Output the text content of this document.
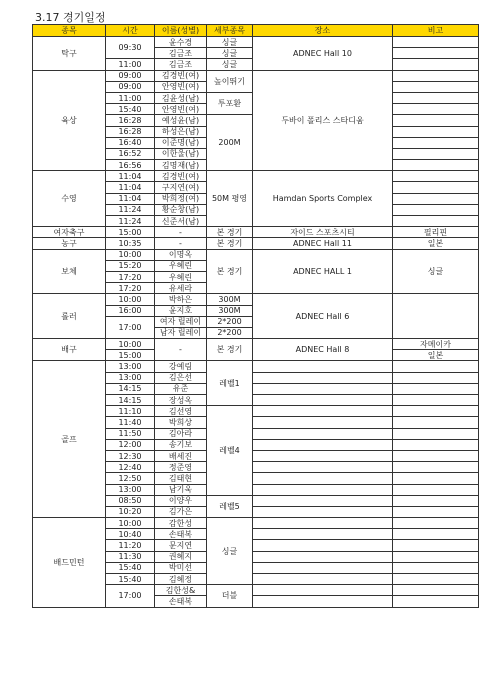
3.17 경기일정
종목	시간	이름(성별)	세부종목	장소	비고
탁구	09:30	윤수경	싱글	ADNEC Hall 10	
		김금조	싱글		
	11:00	김금조	싱글		
육상	09:00	김경빈(여)	높이뛰기	두바이 폴리스 스타디움	
	09:00	안영빈(여)			
	11:00	김윤성(남)	투포환		
	15:40	안영빈(여)			
	16:28	예성윤(남)	200M		
	16:28	하성은(남)			
	16:40	이준명(남)			
	16:52	이한울(남)			
	16:56	김명재(남)			
수영	11:04	김경빈(여)	50M 평영	Hamdan Sports Complex	
	11:04	구지연(여)			
	11:04	박희정(여)			
	11:24	황순창(남)			
	11:24	신준서(남)			
여자축구	15:00	-	본 경기	자이드 스포츠시티	필리핀
농구	10:35	-	본 경기	ADNEC Hall 11	일본
보체	10:00	이명옥	본 경기	ADNEC HALL 1	싱글
	15:20	우혜린			
	17:20	우혜린			
	17:20	유세라			
롤러	10:00	박하은	300M	ADNEC Hall 6	
	16:00	윤지호	300M		
	17:00	여자 릴레이	2*200		
		남자 릴레이	2*200		
배구	10:00	-	본 경기	ADNEC Hall 8	자메이카
	15:00				일본
골프	13:00	강예림	레벨1		
	13:00	김은선			
	14:15	유준			
	14:15	장성옥			
	11:10	김선영	레벨4		
	11:40	박희상			
	11:50	김아라			
	12:00	송기보			
	12:30	배세진			
	12:40	정준영			
	12:50	김태현			
	13:00	남기욱			
	08:50	이양우	레벨5		
	10:20	김가은			
배드민턴	10:00	감한성	싱글		
	10:40	손태복			
	11:20	문지연			
	11:30	권혜지			
	15:40	박미선			
	15:40	김혜정			
	17:00	김한성&	더블		
		손태복			
